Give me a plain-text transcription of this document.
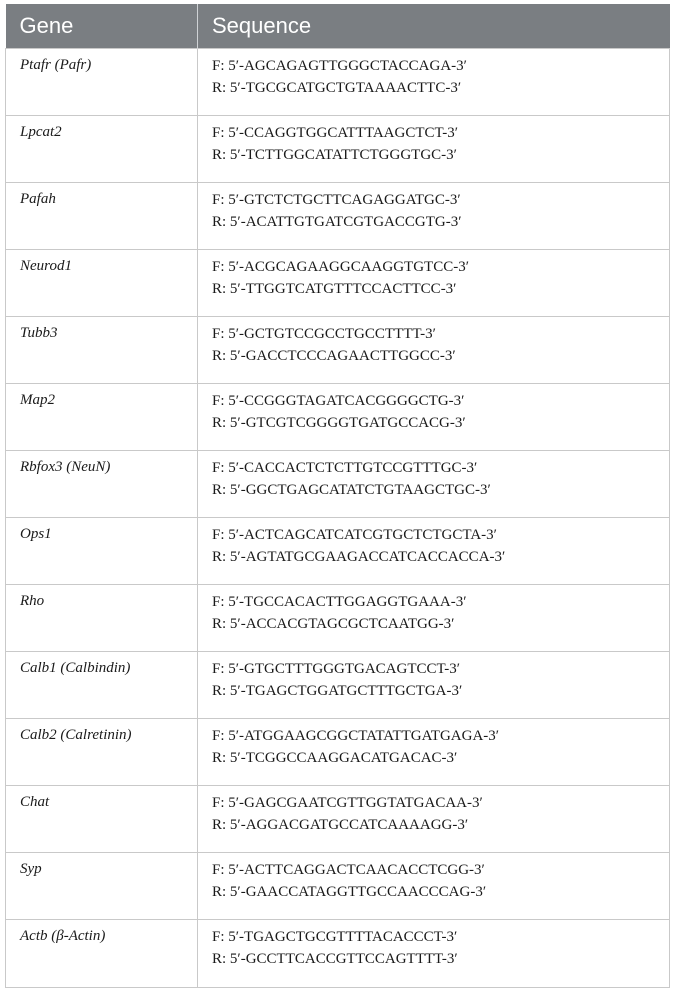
Gene	Sequence
Ptafr (Pafr)	F: 5′-AGCAGAGTTGGGCTACCAGA-3′
R: 5′-TGCGCATGCTGTAAAACTTC-3′

Lpcat2	F: 5′-CCAGGTGGCATTTAAGCTCT-3′
R: 5′-TCTTGGCATATTCTGGGTGC-3′

Pafah	F: 5′-GTCTCTGCTTCAGAGGATGC-3′
R: 5′-ACATTGTGATCGTGACCGTG-3′

Neurod1	F: 5′-ACGCAGAAGGCAAGGTGTCC-3′
R: 5′-TTGGTCATGTTTCCACTTCC-3′

Tubb3	F: 5′-GCTGTCCGCCTGCCTTTT-3′
R: 5′-GACCTCCCAGAACTTGGCC-3′

Map2	F: 5′-CCGGGTAGATCACGGGGCTG-3′
R: 5′-GTCGTCGGGGTGATGCCACG-3′

Rbfox3 (NeuN)	F: 5′-CACCACTCTCTTGTCCGTTTGC-3′
R: 5′-GGCTGAGCATATCTGTAAGCTGC-3′

Ops1	F: 5′-ACTCAGCATCATCGTGCTCTGCTA-3′
R: 5′-AGTATGCGAAGACCATCACCACCA-3′

Rho	F: 5′-TGCCACACTTGGAGGTGAAA-3′
R: 5′-ACCACGTAGCGCTCAATGG-3′

Calb1 (Calbindin)	F: 5′-GTGCTTTGGGTGACAGTCCT-3′
R: 5′-TGAGCTGGATGCTTTGCTGA-3′

Calb2 (Calretinin)	F: 5′-ATGGAAGCGGCTATATTGATGAGA-3′
R: 5′-TCGGCCAAGGACATGACAC-3′

Chat	F: 5′-GAGCGAATCGTTGGTATGACAA-3′
R: 5′-AGGACGATGCCATCAAAAGG-3′

Syp	F: 5′-ACTTCAGGACTCAACACCTCGG-3′
R: 5′-GAACCATAGGTTGCCAACCCAG-3′

Actb (β-Actin)	F: 5′-TGAGCTGCGTTTTACACCCT-3′
R: 5′-GCCTTCACCGTTCCAGTTTT-3′
